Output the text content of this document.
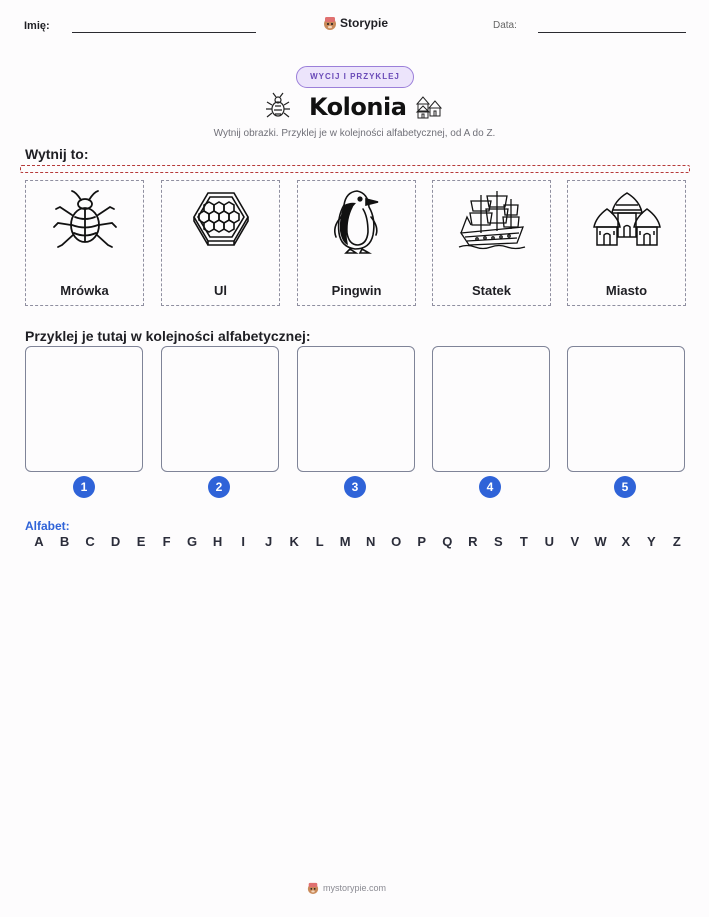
Imię:	Storypie	Data:
WYCIJ I PRZYKLEJ
Kolonia
Wytnij obrazki. Przyklej je w kolejności alfabetycznej, od A do Z.
Wytnij to:
Mrówka	Ul	Pingwin	Statek	Miasto
Przyklej je tutaj w kolejności alfabetycznej:
1	2	3	4	5
Alfabet:
A B C D E F G H	I	J K L M N O P Q R S T U V W X Y Z
mystorypie.com
